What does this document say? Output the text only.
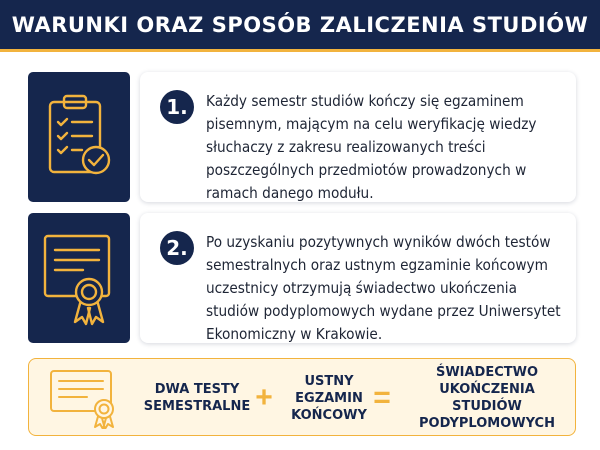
WARUNKI ORAZ SPOSÓB ZALICZENIA STUDIÓW
1.	Każdy semestr studiów kończy się egzaminem pisemnym, mającym na celu weryfikację wiedzy słuchaczy z zakresu realizowanych treści poszczególnych przedmiotów prowadzonych w ramach danego modułu.
2.	Po uzyskaniu pozytywnych wyników dwóch testów semestralnych oraz ustnym egzaminie końcowym uczestnicy otrzymują świadectwo ukończenia studiów podyplomowych wydane przez Uniwersytet Ekonomiczny w Krakowie.
DWA TESTY SEMESTRALNE +	USTNY EGZAMIN KOŃCOWY
=
ŚWIADECTWO UKOŃCZENIA STUDIÓW PODYPLOMOWYCH
